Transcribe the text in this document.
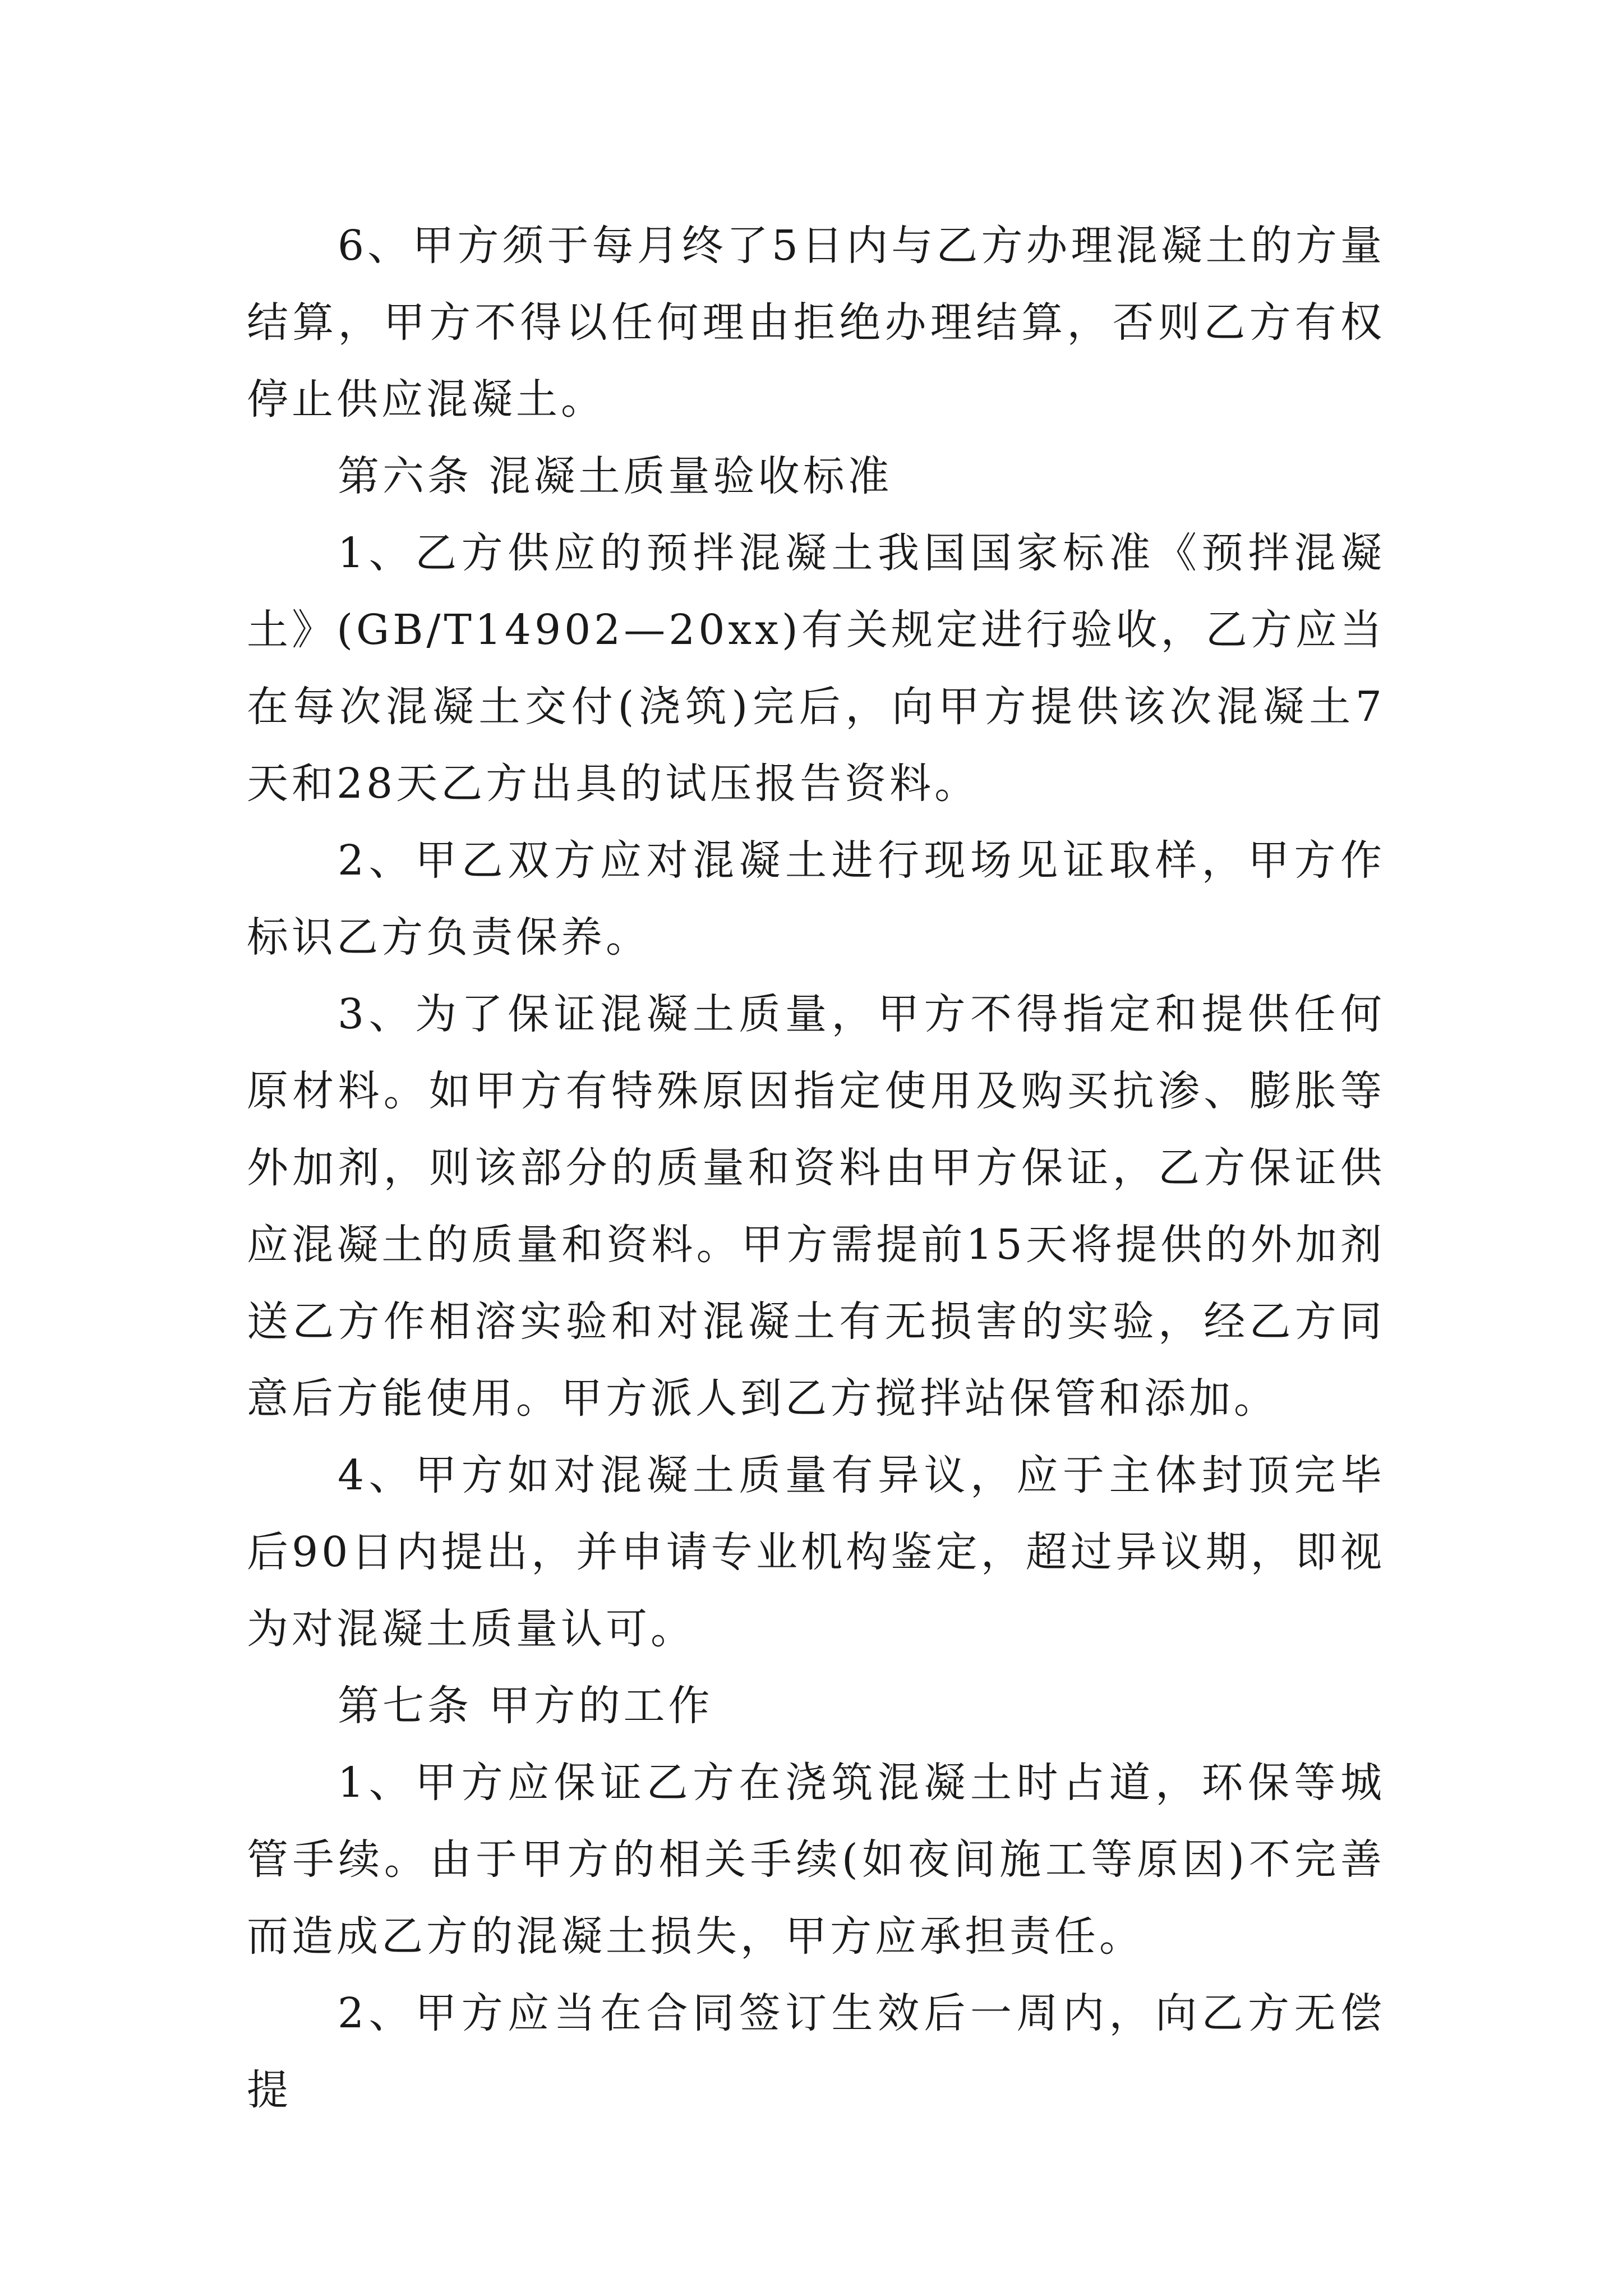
6、甲方须于每月终了5日内与乙方办理混凝土的方量结算，甲方不得以任何理由拒绝办理结算，否则乙方有权停止供应混凝土。

第六条 混凝土质量验收标准

1、乙方供应的预拌混凝土我国国家标准《预拌混凝土》(GB/T14902—20xx)有关规定进行验收，乙方应当在每次混凝土交付(浇筑)完后，向甲方提供该次混凝土7天和28天乙方出具的试压报告资料。

2、甲乙双方应对混凝土进行现场见证取样，甲方作标识乙方负责保养。

3、为了保证混凝土质量，甲方不得指定和提供任何原材料。如甲方有特殊原因指定使用及购买抗渗、膨胀等外加剂，则该部分的质量和资料由甲方保证，乙方保证供应混凝土的质量和资料。甲方需提前15天将提供的外加剂送乙方作相溶实验和对混凝土有无损害的实验，经乙方同意后方能使用。甲方派人到乙方搅拌站保管和添加。

4、甲方如对混凝土质量有异议，应于主体封顶完毕后90日内提出，并申请专业机构鉴定，超过异议期，即视为对混凝土质量认可。

第七条 甲方的工作

1、甲方应保证乙方在浇筑混凝土时占道，环保等城管手续。由于甲方的相关手续(如夜间施工等原因)不完善而造成乙方的混凝土损失，甲方应承担责任。

2、甲方应当在合同签订生效后一周内，向乙方无偿提
